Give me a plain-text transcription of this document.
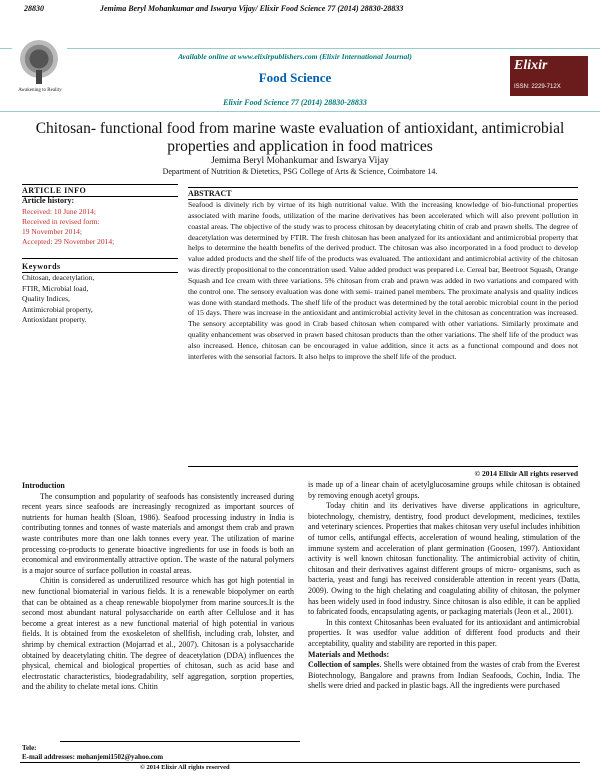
28830	Jemima Beryl Mohankumar and Iswarya Vijay/ Elixir Food Science 77 (2014) 28830-28833
Awakening to Reality
Available online at www.elixirpublishers.com (Elixir International Journal)
Food Science
Elixir Food Science 77 (2014) 28830-28833
Elixir
ISSN: 2229-712X
Chitosan- functional food from marine waste evaluation of antioxidant, antimicrobial properties and application in food matrices
Jemima Beryl Mohankumar and Iswarya Vijay
Department of Nutrition & Dietetics, PSG College of Arts & Science, Coimbatore 14.
ARTICLE INFO
Article history:
Received: 10 June 2014;
Received in revised form:
19 November 2014;
Accepted: 29 November 2014;
Keywords
Chitosan, deacetylation,
FTIR, Microbial load,
Quality Indices,
Antimicrobial property,
Antioxidant property.
ABSTRACT
Seafood is divinely rich by virtue of its high nutritional value. With the increasing knowledge of bio-functional properties associated with marine foods, utilization of the marine derivatives has been accelerated which will also prevent pollution in coastal areas. The objective of the study was to process chitosan by deacetylating chitin of crab and prawn shells. The degree of deacetylation was determined by FTIR. The fresh chitosan has been analyzed for its antioxidant and antimicrobial property that helps to determine the health benefits of the derived product. The chitosan was also incorporated in a food product to develop value added products and the shelf life of the products was evaluated. The antioxidant and antimicrobial activity of the chitosan was directly propositional to the concentration used. Value added product was prepared i.e. Cereal bar, Beetroot Squash, Orange Squash and Ice cream with three variations. 5% chitosan from crab and prawn was added in two variations and compared with the control one. The sensory evaluation was done with semi- trained panel members. The proximate analysis and quality indices was done with standard methods. The shelf life of the product was determined by the total aerobic microbial count in the period of 15 days. There was increase in the antioxidant and antimicrobial activity level in the chitosan as concentration was increased. The sensory acceptability was good in Crab based chitosan when compared with other variations. Similarly proximate and quality enhancement was observed in prawn based chitosan products than the other variations. The shelf life of the product was also increased. Hence, chitosan can be encouraged in value addition, since it acts as a functional compound and does not interferes with the sensorial factors. It also helps to improve the shelf life of the product.
© 2014 Elixir All rights reserved

Introduction

The consumption and popularity of seafoods has consistently increased during recent years since seafoods are increasingly recognized as important sources of nutrients for human health (Sloan, 1986). Seafood processing industry in India is contributing tonnes and tonnes of waste materials and amongst them crab and prawn waste contributes more than one lakh tonnes every year. The utilization of marine processing co-products to generate bioactive ingredients for use in foods is both an economical and environmentally attractive option. The waste of the natural polymers is a major source of surface pollution in coastal areas.

Chitin is considered as underutilized resource which has got high potential in new functional biomaterial in various fields. It is a renewable biopolymer on earth that can be obtained as a cheap renewable biopolymer from marine sources.It is the second most abundant natural polysaccharide on earth after Cellulose and it has become a great interest as a new functional material of high potential in various fields. It is obtained from the exoskeleton of shellfish, including crab, lobster, and shrimp by chemical extraction (Mojarrad et al., 2007). Chitosan is a polysaccharide obtained by deacetylating chitin. The degree of deacetylation (DDA) influences the physical, chemical and biological properties of chitosan, such as acid base and electrostatic characteristics, biodegradability, self aggregation, sorption properties, and the ability to chelate metal ions. Chitin

is made up of a linear chain of acetylglucosamine groups while chitosan is obtained by removing enough acetyl groups.

Today chitin and its derivatives have diverse applications in agriculture, biotechnology, chemistry, dentistry, food product development, medicines, textiles and veterinary sciences. Properties that makes chitosan very useful includes inhibition of tumor cells, antifungal effects, acceleration of wound healing, stimulation of the immune system and acceleration of plant germination (Goosen, 1997). Antioxidant activity is well known chitosan functionality. The antimicrobial activity of chitin, chitosan and their derivatives against different groups of micro- organisms, such as bacteria, yeast and fungi has received considerable attention in recent years (Datta, 2009). Owing to the high chelating and coagulating ability of chitosan, the polymer has been widely used in food industry. Since chitosan is also edible, it can be applied to fabricated foods, encapsulating agents, or packaging materials (Jeon et al., 2001).

In this context Chitosanhas been evaluated for its antioxidant and antimicrobial properties. It was usedfor value addition of different food products and their acceptability, quality and stability are reported in this paper.

Materials and Methods:

Collection of samples. Shells were obtained from the wastes of crab from the Everest Biotechnology, Bangalore and prawns from Indian Seafoods, Cochin, India. The shells were dried and packed in plastic bags. All the ingredients were purchased

Tele:
E-mail addresses: mohanjemi1502@yahoo.com
© 2014 Elixir All rights reserved
